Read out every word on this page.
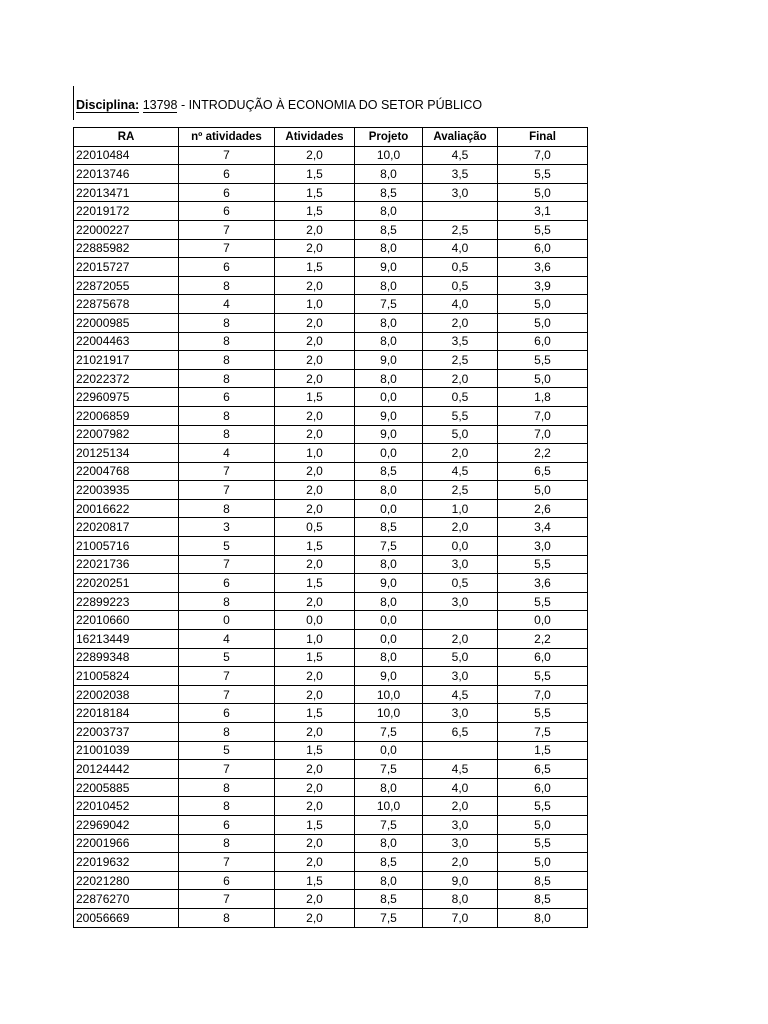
Disciplina: 13798 - INTRODUÇÃO À ECONOMIA DO SETOR PÚBLICO
RA	nº atividades	Atividades	Projeto	Avaliação	Final
22010484	7	2,0	10,0	4,5	7,0
22013746	6	1,5	8,0	3,5	5,5
22013471	6	1,5	8,5	3,0	5,0
22019172	6	1,5	8,0		3,1
22000227	7	2,0	8,5	2,5	5,5
22885982	7	2,0	8,0	4,0	6,0
22015727	6	1,5	9,0	0,5	3,6
22872055	8	2,0	8,0	0,5	3,9
22875678	4	1,0	7,5	4,0	5,0
22000985	8	2,0	8,0	2,0	5,0
22004463	8	2,0	8,0	3,5	6,0
21021917	8	2,0	9,0	2,5	5,5
22022372	8	2,0	8,0	2,0	5,0
22960975	6	1,5	0,0	0,5	1,8
22006859	8	2,0	9,0	5,5	7,0
22007982	8	2,0	9,0	5,0	7,0
20125134	4	1,0	0,0	2,0	2,2
22004768	7	2,0	8,5	4,5	6,5
22003935	7	2,0	8,0	2,5	5,0
20016622	8	2,0	0,0	1,0	2,6
22020817	3	0,5	8,5	2,0	3,4
21005716	5	1,5	7,5	0,0	3,0
22021736	7	2,0	8,0	3,0	5,5
22020251	6	1,5	9,0	0,5	3,6
22899223	8	2,0	8,0	3,0	5,5
22010660	0	0,0	0,0		0,0
16213449	4	1,0	0,0	2,0	2,2
22899348	5	1,5	8,0	5,0	6,0
21005824	7	2,0	9,0	3,0	5,5
22002038	7	2,0	10,0	4,5	7,0
22018184	6	1,5	10,0	3,0	5,5
22003737	8	2,0	7,5	6,5	7,5
21001039	5	1,5	0,0		1,5
20124442	7	2,0	7,5	4,5	6,5
22005885	8	2,0	8,0	4,0	6,0
22010452	8	2,0	10,0	2,0	5,5
22969042	6	1,5	7,5	3,0	5,0
22001966	8	2,0	8,0	3,0	5,5
22019632	7	2,0	8,5	2,0	5,0
22021280	6	1,5	8,0	9,0	8,5
22876270	7	2,0	8,5	8,0	8,5
20056669	8	2,0	7,5	7,0	8,0
